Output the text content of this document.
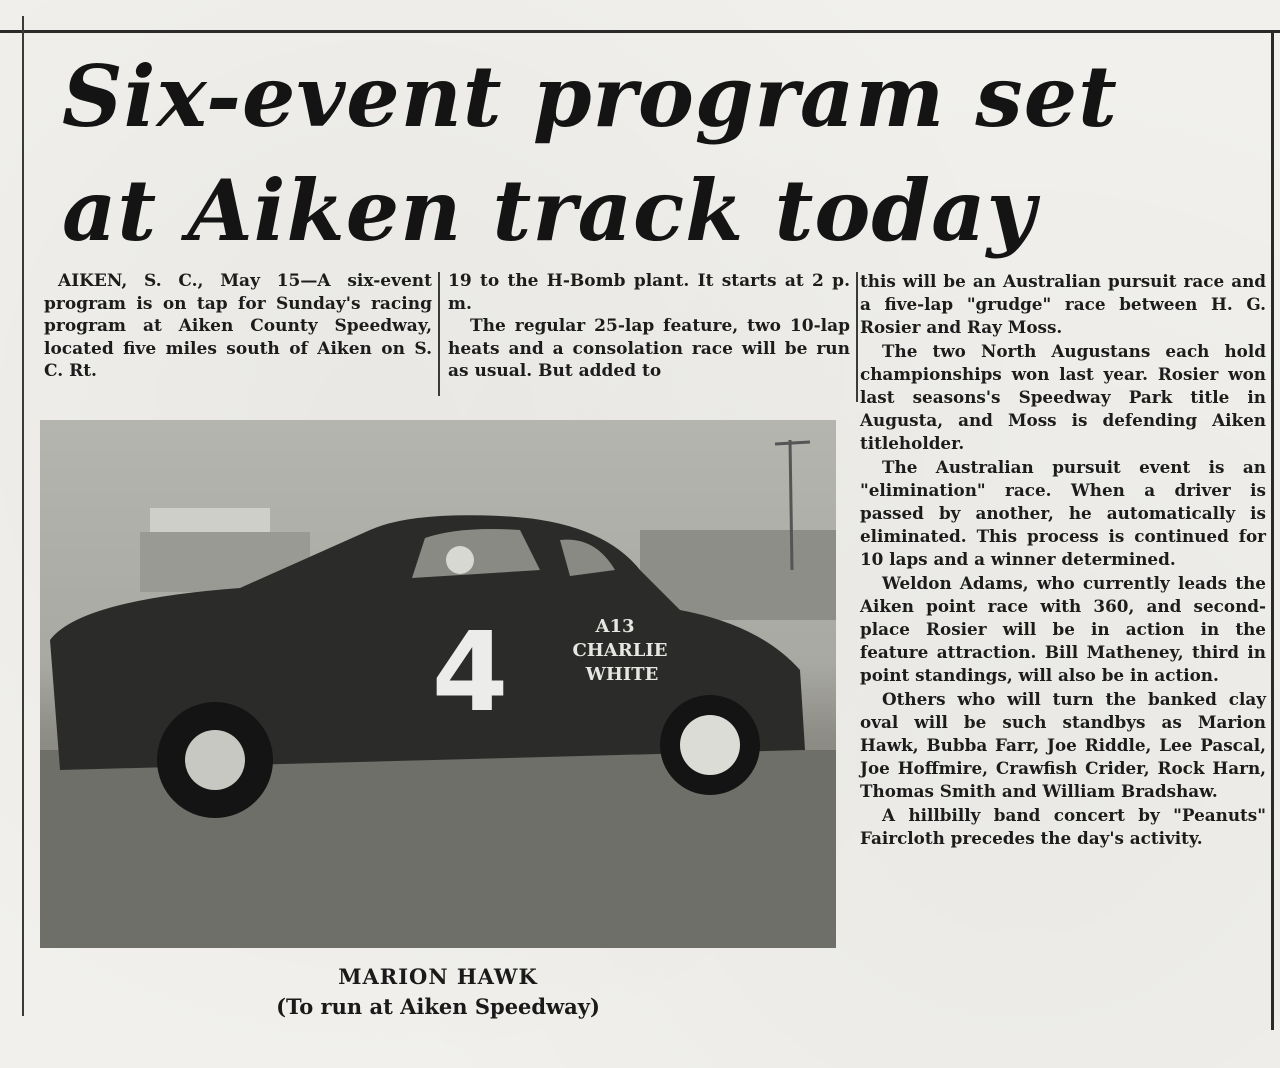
Six-event program set
at Aiken track today

AIKEN, S. C., May 15—A six-event program is on tap for Sunday's racing program at Aiken County Speedway, located five miles south of Aiken on S. C. Rt.

19 to the H-Bomb plant. It starts at 2 p. m.

The regular 25-lap feature, two 10-lap heats and a consolation race will be run as usual. But added to

this will be an Australian pursuit race and a five-lap "grudge" race between H. G. Rosier and Ray Moss.

The two North Augustans each hold championships won last year. Rosier won last seasons's Speedway Park title in Augusta, and Moss is defending Aiken titleholder.

The Australian pursuit event is an "elimination" race. When a driver is passed by another, he automatically is eliminated. This process is continued for 10 laps and a winner determined.

Weldon Adams, who currently leads the Aiken point race with 360, and second-place Rosier will be in action in the feature attraction. Bill Matheney, third in point standings, will also be in action.

Others who will turn the banked clay oval will be such standbys as Marion Hawk, Bubba Farr, Joe Riddle, Lee Pascal, Joe Hoffmire, Crawfish Crider, Rock Harn, Thomas Smith and William Bradshaw.

A hillbilly band concert by "Peanuts" Faircloth precedes the day's activity.

4	A13
CHARLIE
WHITE
MARION HAWK
(To run at Aiken Speedway)
